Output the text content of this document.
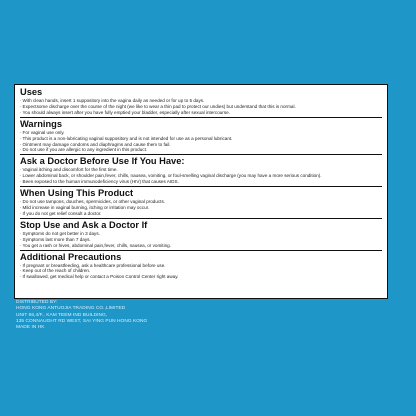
Uses
· With clean hands, insert 1 suppository into the vagina daily as needed or for up to 5 days.
· Expectsome discharge over the course of the night (we like to wear a thin pad to protect our undies) but understand that this is normal.
· You should always insert after you have fully emptied your bladder, especially after sexual intercourse.
Warnings
· For vaginal use only.
· This product is a non-lubricating vaginal suppository and is not intended for use as a personal lubricant.
· Ointment may damage condoms and diaphragms and cause them to fail.
· Do not use if you are allergic to any ingredient in this product.
Ask a Doctor Before Use If You Have:
· Vaginal itching and discomfort for the first time.
· Lower abdominal back, or shoulder pain,fever, chills, nausea, vomiting, or foul-smelling vaginal discharge (you may have a more serious condition).
· Been exposed to the human immunodeficiency virus (HIV) that causes AIDS.
When Using This Product
· Do not use tampons, douches, spermicides, or other vaginal products.
· Mild increase in vaginal burning, itching or irritation may occur.
· If you do not get relief consult a doctor.
Stop Use and Ask a Doctor If
· Symptoms do not get better in 3 days.
· Symptoms last more than 7 days.
· You get a rash or hives, abdominal pain,fever, chills, nausea, or vomiting.
Additional Precautions
· If pregnant or breastfeeding, ask a healthcare professional before use.
· Keep out of the reach of children.
· If swallowed, get medical help or contact a Poison Control Center right away.
DISTRIBUTED BY:
HONG KONG ANTUOJIA TRADING CO.,LIMITED
UNIT 66,4/F., KAM TEEM IND BUILDING,
135 CONNAUGHT RD WEST, SAI YING PUN HONG KONG
MADE IN HK
